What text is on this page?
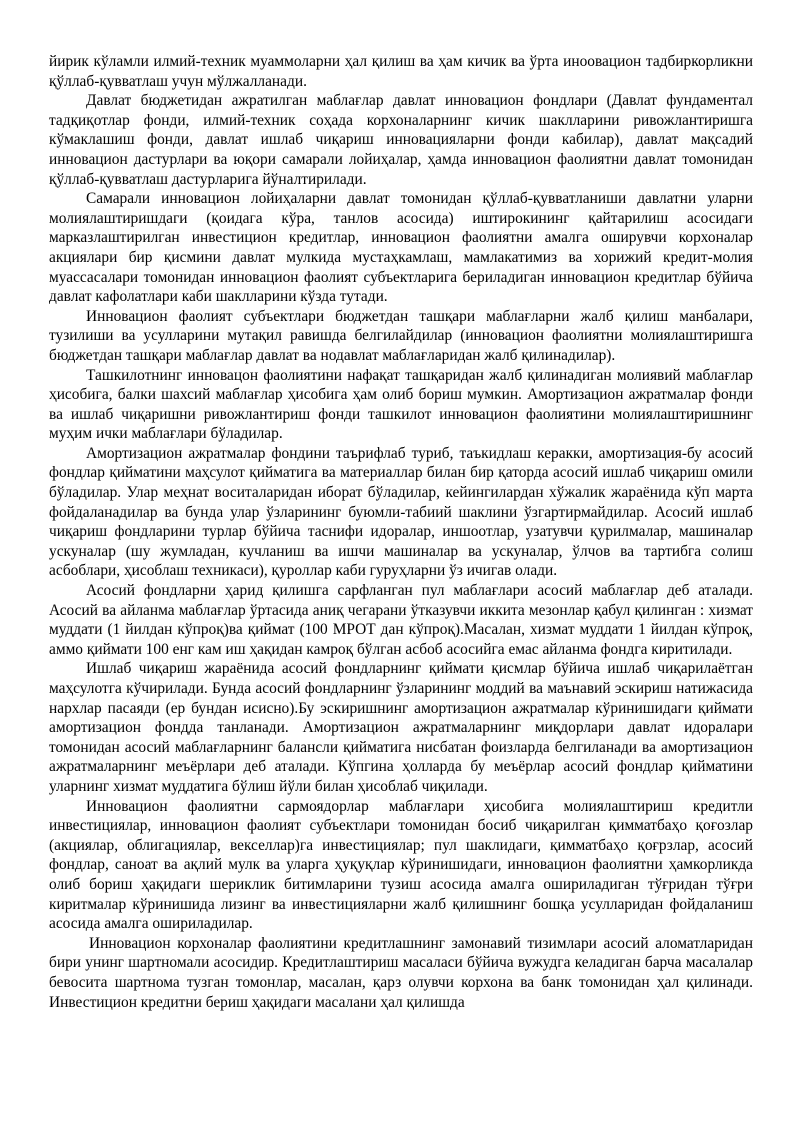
йирик кўламли илмий-техник муаммоларни ҳал қилиш ва ҳам кичик ва ўрта иноовацион тадбиркорликни қўллаб-қувватлаш учун мўлжалланади.

Давлат бюджетидан ажратилган маблағлар давлат инновацион фондлари (Давлат фундаментал тадқиқотлар фонди, илмий-техник соҳада корхоналарнинг кичик шаклларини ривожлантиришга кўмаклашиш фонди, давлат ишлаб чиқариш инновацияларни фонди кабилар), давлат мақсадий инновацион дастурлари ва юқори самарали лойиҳалар, ҳамда инновацион фаолиятни давлат томонидан қўллаб-қувватлаш дастурларига йўналтирилади.

Самарали инновацион лойиҳаларни давлат томонидан қўллаб-қувватланиши давлатни уларни молиялаштиришдаги (қоидага кўра, танлов асосида) иштирокининг қайтарилиш асосидаги марказлаштирилган инвестицион кредитлар, инновацион фаолиятни амалга оширувчи корхоналар акциялари бир қисмини давлат мулкида мустаҳкамлаш, мамлакатимиз ва хорижий кредит-молия муассасалари томонидан инновацион фаолият субъектларига бериладиган инновацион кредитлар бўйича давлат кафолатлари каби шаклларини кўзда тутади.

Инновацион фаолият субъектлари бюджетдан ташқари маблағларни жалб қилиш манбалари, тузилиши ва усулларини мутақил равишда белгилайдилар (инновацион фаолиятни молиялаштиришга бюджетдан ташқари маблағлар давлат ва нодавлат маблағларидан жалб қилинадилар).

Ташкилотнинг инновацон фаолиятини нафақат ташқаридан жалб қилинадиган молиявий маблағлар ҳисобига, балки шахсий маблағлар ҳисобига ҳам олиб бориш мумкин. Амортизацион ажратмалар фонди ва ишлаб чиқаришни ривожлантириш фонди ташкилот инновацион фаолиятини молиялаштиришнинг муҳим ички маблағлари бўладилар.

Амортизацион ажратмалар фондини таърифлаб туриб, таъкидлаш керакки, амортизация-бу асосий фондлар қийматини маҳсулот қийматига ва материаллар билан бир қаторда асосий ишлаб чиқариш омили бўладилар. Улар меҳнат воситаларидан иборат бўладилар, кейингилардан хўжалик жараёнида кўп марта фойдаланадилар ва бунда улар ўзларининг буюмли-табиий шаклини ўзгартирмайдилар. Асосий ишлаб чиқариш фондларини турлар бўйича таснифи идоралар, иншоотлар, узатувчи қурилмалар, машиналар ускуналар (шу жумладан, кучланиш ва ишчи машиналар ва ускуналар, ўлчов ва тартибга солиш асбоблари, ҳисоблаш техникаси), қуроллар каби гуруҳларни ўз ичигав олади.

Асосий фондларни ҳарид қилишга сарфланган пул маблағлари асосий маблағлар деб аталади. Асосий ва айланма маблағлар ўртасида аниқ чегарани ўтказувчи иккита мезонлар қабул қилинган : хизмат муддати (1 йилдан кўпроқ)ва қиймат (100 МРОТ дан кўпроқ).Масалан, хизмат муддати 1 йилдан кўпроқ, аммо қиймати 100 енг кам иш ҳақидан камроқ бўлган асбоб асосийга емас айланма фондга киритилади.

Ишлаб чиқариш жараёнида асосий фондларнинг қиймати қисмлар бўйича ишлаб чиқарилаётган маҳсулотга кўчирилади. Бунда асосий фондларнинг ўзларининг моддий ва маънавий эскириш натижасида нархлар пасаяди (ер бундан исисно).Бу эскиришнинг амортизацион ажратмалар кўринишидаги қиймати амортизацион фондда танланади. Амортизацион ажратмаларнинг миқдорлари давлат идоралари томонидан асосий маблағларнинг балансли қийматига нисбатан фоизларда белгиланади ва амортизацион ажратмаларнинг меъёрлари деб аталади. Кўпгина ҳолларда бу меъёрлар асосий фондлар қийматини уларнинг хизмат муддатига бўлиш йўли билан ҳисоблаб чиқилади.

Инновацион фаолиятни сармоядорлар маблағлари ҳисобига молиялаштириш кредитли инвестициялар, инновацион фаолият субъектлари томонидан босиб чиқарилган қимматбаҳо қоғозлар (акциялар, облигациялар, векселлар)га инвестициялар; пул шаклидаги, қимматбаҳо қоғрзлар, асосий фондлар, саноат ва ақлий мулк ва уларга ҳуқуқлар кўринишидаги, инновацион фаолиятни ҳамкорликда олиб бориш ҳақидаги шериклик битимларини тузиш асосида амалга ошириладиган тўғридан тўғри киритмалар кўринишида лизинг ва инвестицияларни жалб қилишнинг бошқа усулларидан фойдаланиш асосида амалга ошириладилар.

Инновацион корхоналар фаолиятини кредитлашнинг замонавий тизимлари асосий аломатларидан бири унинг шартномали асосидир. Кредитлаштириш масаласи бўйича вужудга келадиган барча масалалар бевосита шартнома тузган томонлар, масалан, қарз олувчи корхона ва банк томонидан ҳал қилинади. Инвестицион кредитни бериш ҳақидаги масалани ҳал қилишда
